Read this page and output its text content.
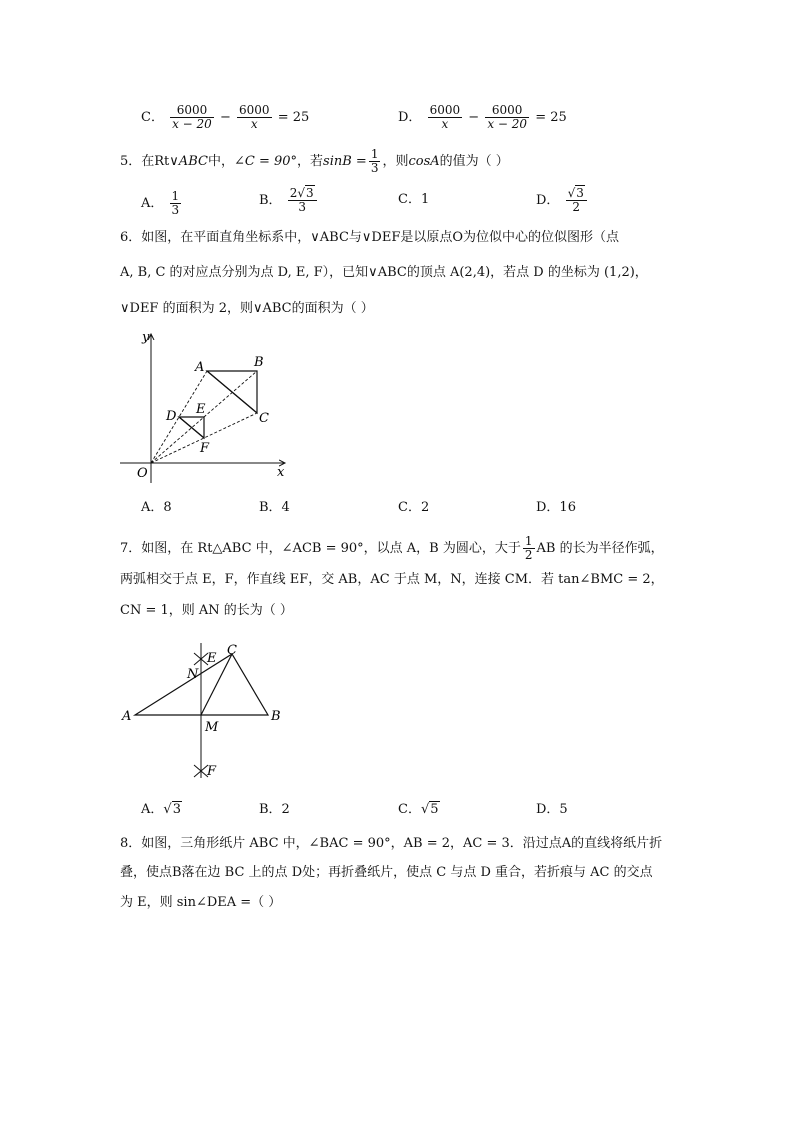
C． $\frac{6000}{x - 20} - \frac{6000}{x} = 25$	D． $\frac{6000}{x} - \frac{6000}{x - 20} = 25$
5．在Rt∨ABC中，∠C = 90°，若$\sin B = \frac{1}{3}$ ，则cosA的值为（ ）
A． $\frac{1}{3}$	B． $\frac{2√3}{3}$	C．1	D． $\frac{√3}{2}$
6．如图，在平面直角坐标系中，∨ABC与∨DEF是以原点O为位似中心的位似图形（点
A, B, C 的对应点分别为点 D, E, F），已知∨ABC的顶点 A(2,4)，若点 D 的坐标为 (1,2)，
∨DEF 的面积为 2，则∨ABC的面积为（ ）
y
x
O
A	B
C
D E
F
A．8	B．4	C．2	D．16
7．如图，在 Rt△ABC 中，∠ACB = 90°，以点 A，B 为圆心，大于 $\frac{1}{2}$ AB 的长为半径作弧，
两弧相交于点 E，F，作直线 EF，交 AB，AC 于点 M，N，连接 CM．若 tan∠BMC = 2，
CN = 1，则 AN 的长为（ ）
A	B
C
E
F
M
N
A．√3	B．2	C．√5	D．5
8．如图，三角形纸片 ABC 中，∠BAC = 90°，AB = 2，AC = 3．沿过点A的直线将纸片折
叠，使点B落在边 BC 上的点 D处；再折叠纸片，使点 C 与点 D 重合，若折痕与 AC 的交点
为 E，则 sin∠DEA =（ ）
